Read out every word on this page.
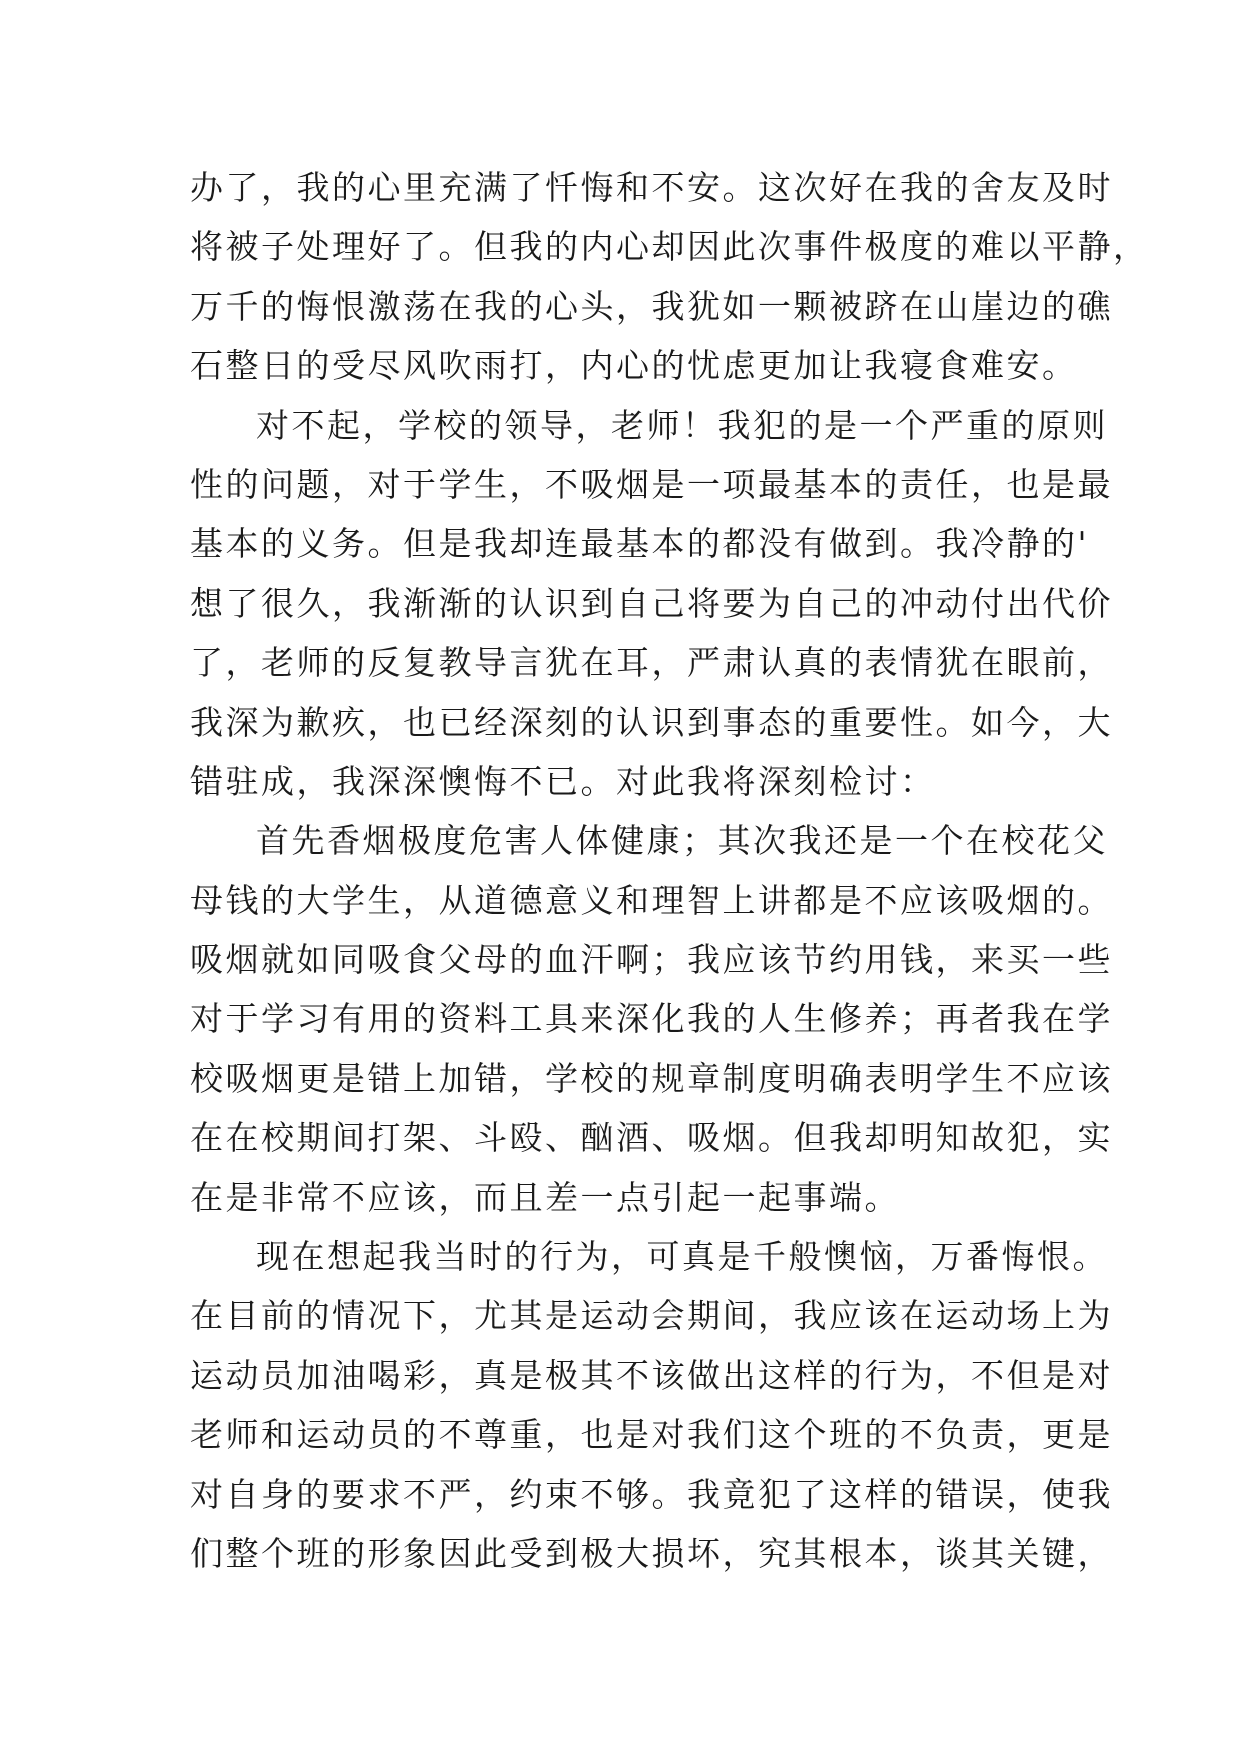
办了，我的心里充满了忏悔和不安。这次好在我的舍友及时
将被子处理好了。但我的内心却因此次事件极度的难以平静，
万千的悔恨激荡在我的心头，我犹如一颗被跻在山崖边的礁
石整日的受尽风吹雨打，内心的忧虑更加让我寝食难安。
对不起，学校的领导，老师！我犯的是一个严重的原则
性的问题，对于学生，不吸烟是一项最基本的责任，也是最
基本的义务。但是我却连最基本的都没有做到。我冷静的'
想了很久，我渐渐的认识到自己将要为自己的冲动付出代价
了，老师的反复教导言犹在耳，严肃认真的表情犹在眼前，
我深为歉疚，也已经深刻的认识到事态的重要性。如今，大
错驻成，我深深懊悔不已。对此我将深刻检讨：
首先香烟极度危害人体健康；其次我还是一个在校花父
母钱的大学生，从道德意义和理智上讲都是不应该吸烟的。
吸烟就如同吸食父母的血汗啊；我应该节约用钱，来买一些
对于学习有用的资料工具来深化我的人生修养；再者我在学
校吸烟更是错上加错，学校的规章制度明确表明学生不应该
在在校期间打架、斗殴、酗酒、吸烟。但我却明知故犯，实
在是非常不应该，而且差一点引起一起事端。
现在想起我当时的行为，可真是千般懊恼，万番悔恨。
在目前的情况下，尤其是运动会期间，我应该在运动场上为
运动员加油喝彩，真是极其不该做出这样的行为，不但是对
老师和运动员的不尊重，也是对我们这个班的不负责，更是
对自身的要求不严，约束不够。我竟犯了这样的错误，使我
们整个班的形象因此受到极大损坏，究其根本，谈其关键，
